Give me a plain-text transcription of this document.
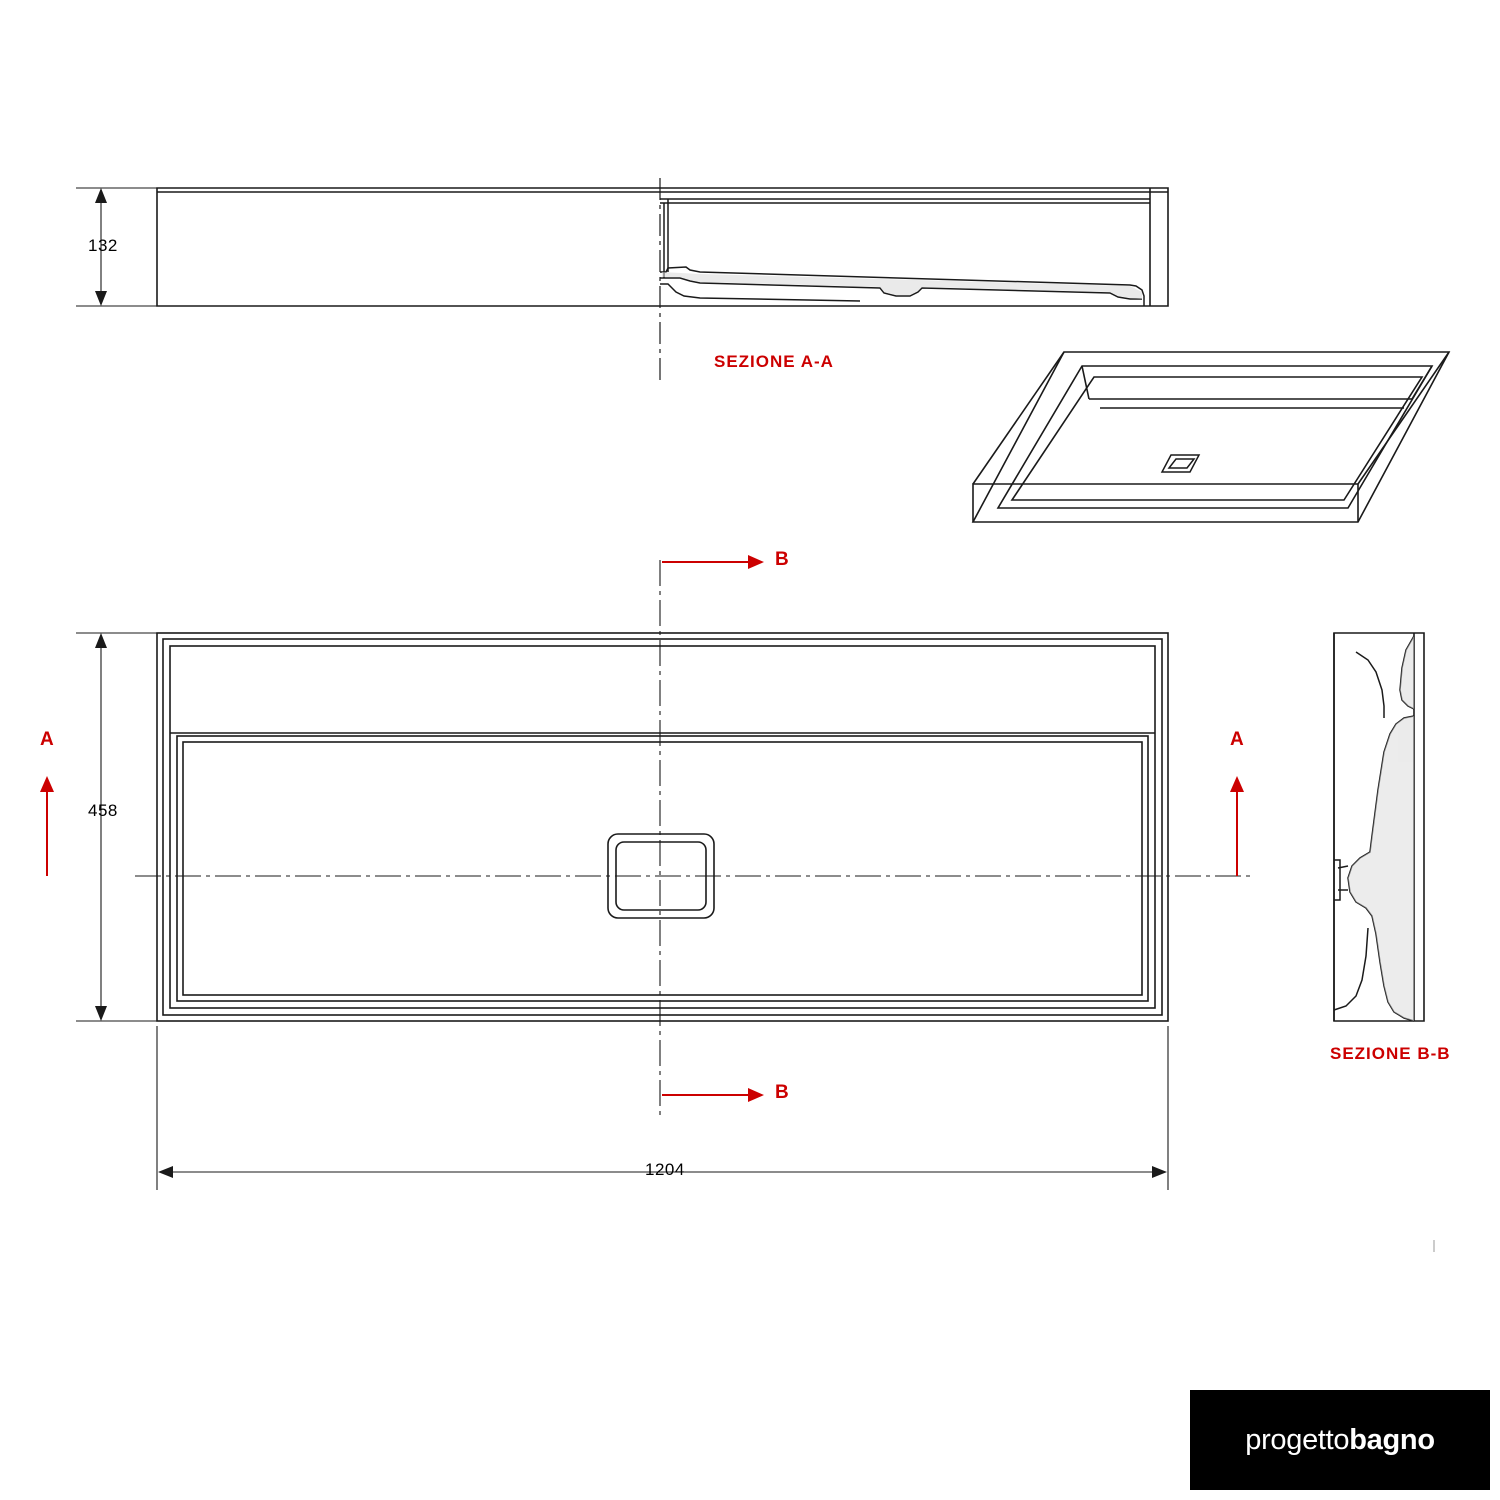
132
SEZIONE A-A
B
B
A	A
458
1204
SEZIONE B-B
progettobagno
